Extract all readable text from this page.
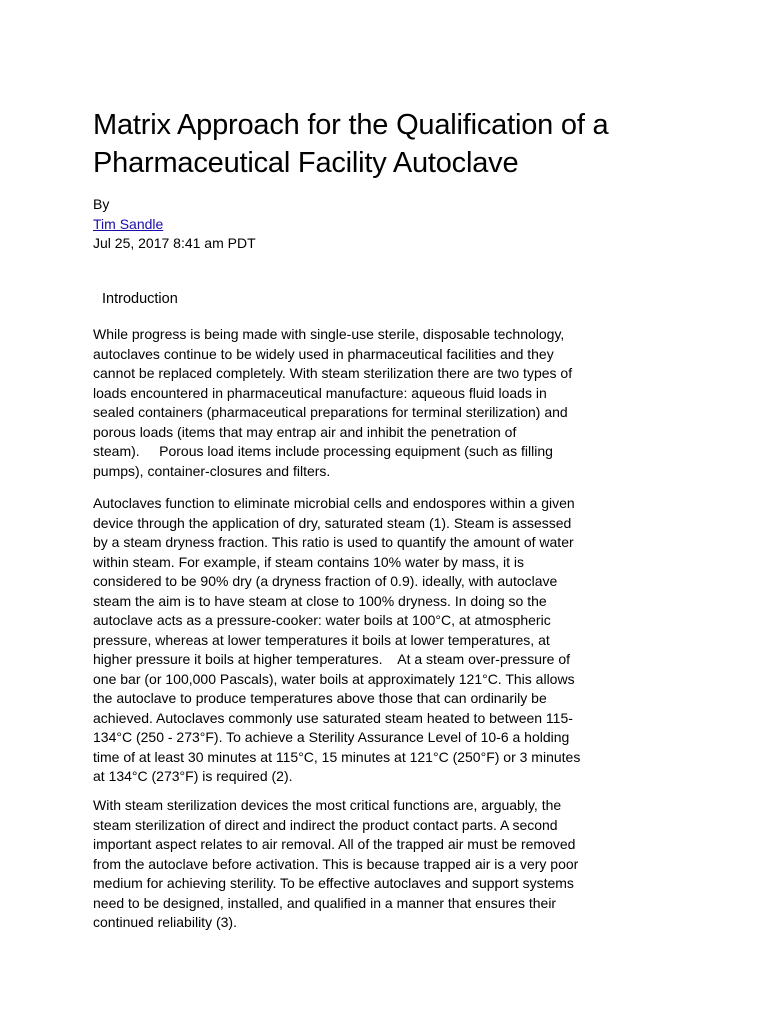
Matrix Approach for the Qualification of a Pharmaceutical Facility Autoclave
By
Tim Sandle
Jul 25, 2017 8:41 am PDT
Introduction

While progress is being made with single-use sterile, disposable technology,
autoclaves continue to be widely used in pharmaceutical facilities and they
cannot be replaced completely. With steam sterilization there are two types of
loads encountered in pharmaceutical manufacture: aqueous fluid loads in
sealed containers (pharmaceutical preparations for terminal sterilization) and
porous loads (items that may entrap air and inhibit the penetration of
steam).     Porous load items include processing equipment (such as filling
pumps), container-closures and filters.

Autoclaves function to eliminate microbial cells and endospores within a given
device through the application of dry, saturated steam (1). Steam is assessed
by a steam dryness fraction. This ratio is used to quantify the amount of water
within steam. For example, if steam contains 10% water by mass, it is
considered to be 90% dry (a dryness fraction of 0.9). ideally, with autoclave
steam the aim is to have steam at close to 100% dryness. In doing so the
autoclave acts as a pressure-cooker: water boils at 100°C, at atmospheric
pressure, whereas at lower temperatures it boils at lower temperatures, at
higher pressure it boils at higher temperatures.    At a steam over-pressure of
one bar (or 100,000 Pascals), water boils at approximately 121°C. This allows
the autoclave to produce temperatures above those that can ordinarily be
achieved. Autoclaves commonly use saturated steam heated to between 115-
134°C (250 - 273°F). To achieve a Sterility Assurance Level of 10-6 a holding
time of at least 30 minutes at 115°C, 15 minutes at 121°C (250°F) or 3 minutes
at 134°C (273°F) is required (2).

With steam sterilization devices the most critical functions are, arguably, the
steam sterilization of direct and indirect the product contact parts. A second
important aspect relates to air removal. All of the trapped air must be removed
from the autoclave before activation. This is because trapped air is a very poor
medium for achieving sterility. To be effective autoclaves and support systems
need to be designed, installed, and qualified in a manner that ensures their
continued reliability (3).
